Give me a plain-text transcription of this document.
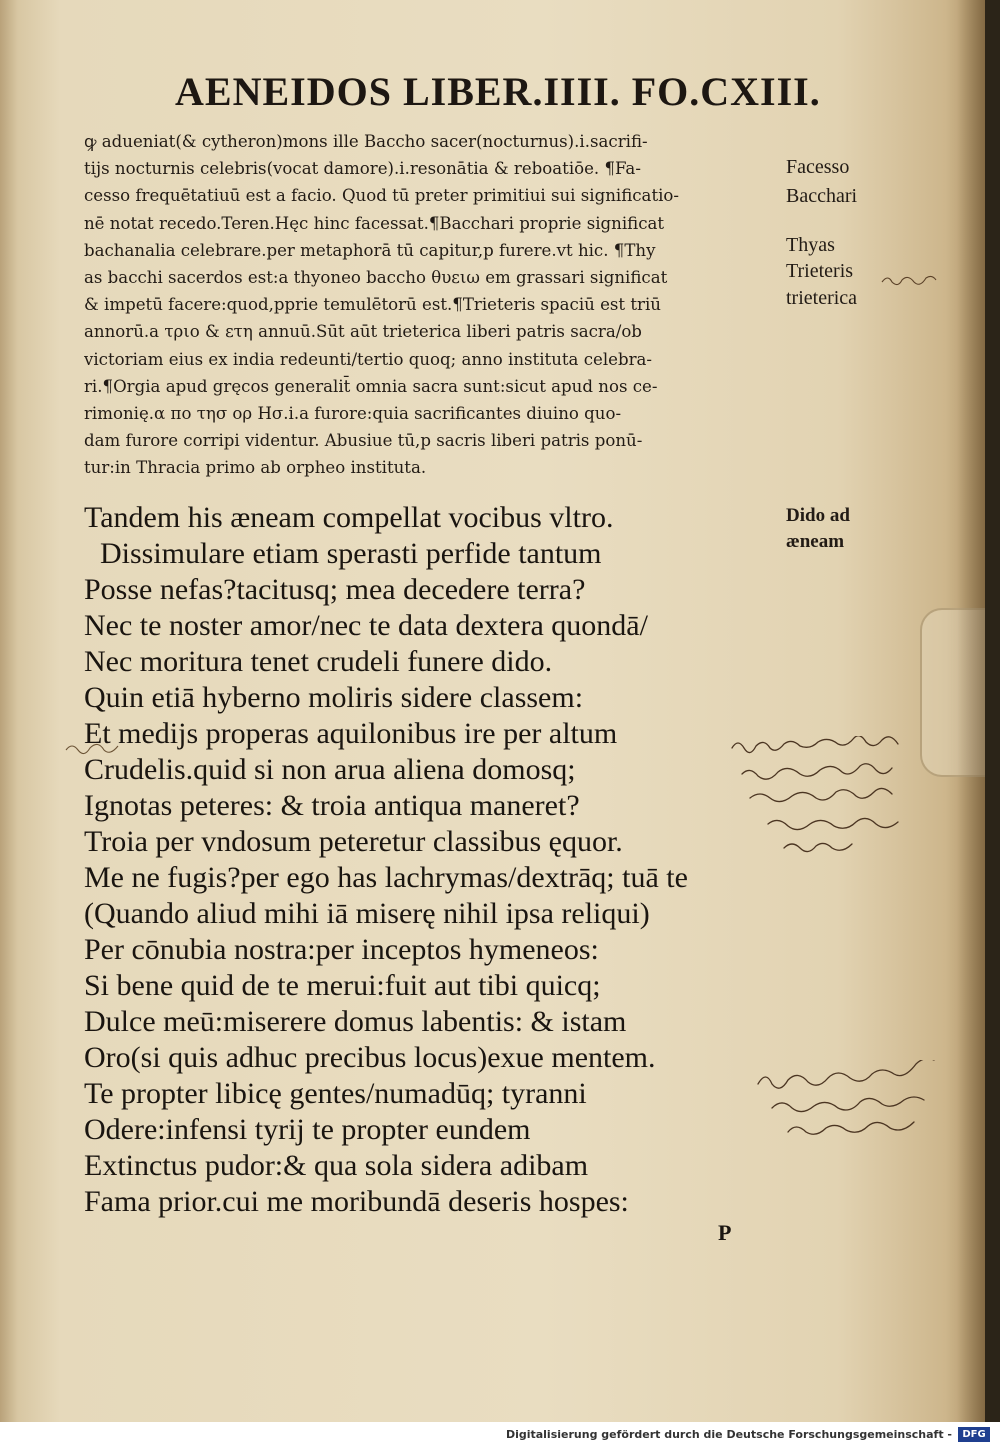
AENEIDOS LIBER.IIII. FO.CXIII.
ꝙ adueniat(& cytheron)mons ille Baccho sacer(nocturnus).i.sacrifi-
tijs nocturnis celebris(vocat damore).i.resonātia & reboatiōe. ¶Fa-
cesso frequētatiuū est a facio. Quod tū preter primitiui sui significatio-
nē notat recedo.Teren.Hęc hinc facessat.¶Bacchari proprie significat
bachanalia celebrare.per metaphorā tū capitur,p furere.vt hic. ¶Thy
as bacchi sacerdos est:a thyoneo baccho θυειω em grassari significat
& impetū facere:quod,pprie temulētorū est.¶Trieteris spaciū est triū
annorū.a τριο & ετη annuū.Sūt aūt trieterica liberi patris sacra/ob
victoriam eius ex india redeunti/tertio quoq; anno instituta celebra-
ri.¶Orgia apud gręcos generalit̄ omnia sacra sunt:sicut apud nos ce-
rimonię.α πο τησ ορ Ησ.i.a furore:quia sacrificantes diuino quo-
dam furore corripi videntur. Abusiue tū,p sacris liberi patris ponū-
tur:in Thracia primo ab orpheo instituta.
Facesso
Bacchari
Thyas
Trieteris
trieterica
Dido ad
æneam
Tandem his æneam compellat vocibus vltro.
Dissimulare etiam sperasti perfide tantum
Posse nefas?tacitusq; mea decedere terra?
Nec te noster amor/nec te data dextera quondā/
Nec moritura tenet crudeli funere dido.
Quin etiā hyberno moliris sidere classem:
Et medijs properas aquilonibus ire per altum
Crudelis.quid si non arua aliena domosq;
Ignotas peteres: & troia antiqua maneret?
Troia per vndosum peteretur classibus ęquor.
Me ne fugis?per ego has lachrymas/dextrāq; tuā te
(Quando aliud mihi iā miserę nihil ipsa reliqui)
Per cōnubia nostra:per inceptos hymeneos:
Si bene quid de te merui:fuit aut tibi quicq;
Dulce meū:miserere domus labentis: & istam
Oro(si quis adhuc precibus locus)exue mentem.
Te propter libicę gentes/numadūq; tyranni
Odere:infensi tyrij te propter eundem
Extinctus pudor:& qua sola sidera adibam
Fama prior.cui me moribundā deseris hospes:
P
Digitalisierung gefördert durch die Deutsche Forschungsgemeinschaft -	DFG
